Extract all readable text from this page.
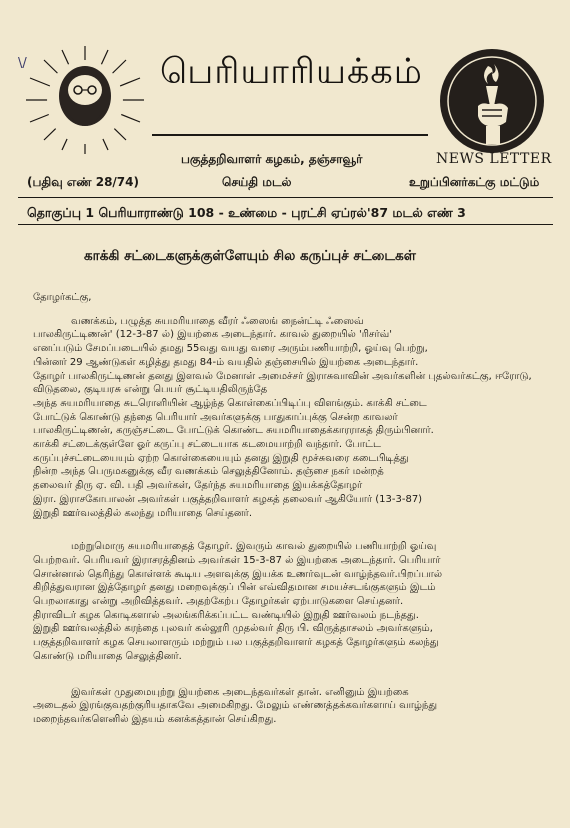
\/	பெரியாரியக்கம்
பகுத்தறிவாளர் கழகம், தஞ்சாவூர்	NEWS LETTER
(பதிவு எண் 28/74)	செய்தி மடல்	உறுப்பினர்கட்கு மட்டும்
தொகுப்பு 1 பெரியாராண்டு 108 - உண்மை - புரட்சி ஏப்ரல்'87 மடல் எண் 3
காக்கி சட்டைகளுக்குள்ளேயும் சில கருப்புச் சட்டைகள்

தோழர்கட்கு,

வணக்கம், பழுத்த சுயமரியாதை வீரர் ஃஸைங் நைன்ட்டி ஃஸைவ்
பாலகிருட்டிணன்' (12-3-87 ல்) இயற்கை அடைந்தார். காவல் துறையில் 'ரிசர்வ்'
எனப்படும் சேமப்படையில் தமது 55வது வயது வரை அரும்பணியாற்றி, ஓய்வு பெற்று,
பின்னர் 29 ஆண்டுகள் கழித்து தமது 84-ம் வயதில் தஞ்சையில் இயற்கை அடைந்தார்.
தோழர் பாலகிருட்டிணன் தனது இளவல் மேனாள் அமைச்சர் இராசுவாவின் அவர்களின் புதல்வர்கட்கு, ஈரோடு, விடுதலை, குடியரசு என்று பெயர் சூட்டியதிலிருந்தே
அந்த சுயமரியாதை சுடரொளியின் ஆழ்ந்த கொள்கைப்பிடிப்பு விளங்கும். காக்கி சட்டை
போட்டுக் கொண்டு தந்தை பெரியார் அவர்களுக்கு பாதுகாப்புக்கு சென்ற காவலர்
பாலகிருட்டிணன், கருஞ்சட்டை போட்டுக் கொண்ட சுயமரியாதைக்காரராகத் திரும்பினார்.
காக்கி சட்டைக்குள்ளே ஓர் கருப்பு சட்டையாக கடமையாற்றி வந்தார். போட்ட
கருப்புச்சட்டையையும் ஏற்ற கொள்கையையும் தனது இறுதி மூச்சுவரை கடைபிடித்து
நின்ற அந்த பெருமகனுக்கு வீர வணக்கம் செலுத்தினோம். தஞ்சை நகர் மன்றத்
தலைவர் திரு ஏ. வி. பதி அவர்கள், தேர்ந்த சுயமரியாதை இயக்கத்தோழர்
இரா. இராசகோபாலன் அவர்கள் பகுத்தறிவாளர் கழகத் தலைவர் ஆகியோர் (13-3-87)
இறுதி ஊர்வலத்தில் கலந்து மரியாதை செய்தனர்.

மற்றுமொரு சுயமரியாதைத் தோழர். இவரும் காவல் துறையில் பணியாற்றி ஓய்வு
பெற்றவர். பெரியவர் இராசரத்தினம் அவர்கள் 15-3-87 ல் இயற்கை அடைந்தார். பெரியார்
சொன்னால் தெரிந்து கொள்ளக் கூடிய அளவுக்கு இயக்க உணர்வுடன் வாழ்ந்தவர்.பிறப்பால்
கிறித்துவரான இத்தோழர் தனது மறைவுக்குப் பின் எவ்விதமான சமயச்சடங்குகளும் இடம்
பெறலாகாது என்று அறிவித்தவர். அதற்கேற்ப தோழர்கள் ஏற்பாடுகளை செய்தனர்.
திராவிடர் கழக கொடிகளால் அலங்கரிக்கப்பட்ட வண்டியில் இறுதி ஊர்வலம் நடந்தது.
இறுதி ஊர்வலத்தில் கரந்தை புலவர் கல்லூரி முதல்வர் திரு பி. விருத்தாசலம் அவர்களும்,
பகுத்தறிவாளர் கழக செயலாளரும் மற்றும் பல பகுத்தறிவாளர் கழகத் தோழர்களும் கலந்து
கொண்டு மரியாதை செலுத்தினர்.

இவர்கள் முதுமையுற்று இயற்கை அடைந்தவர்கள் தான். எனினும் இயற்கை
அடைதல் இரங்குவதற்குரியதாகவே அமைகிறது. மேலும் எண்ணத்தக்கவர்களாய் வாழ்ந்து
மறைந்தவர்களெனில் இதயம் கனக்கத்தான் செய்கிறது.
